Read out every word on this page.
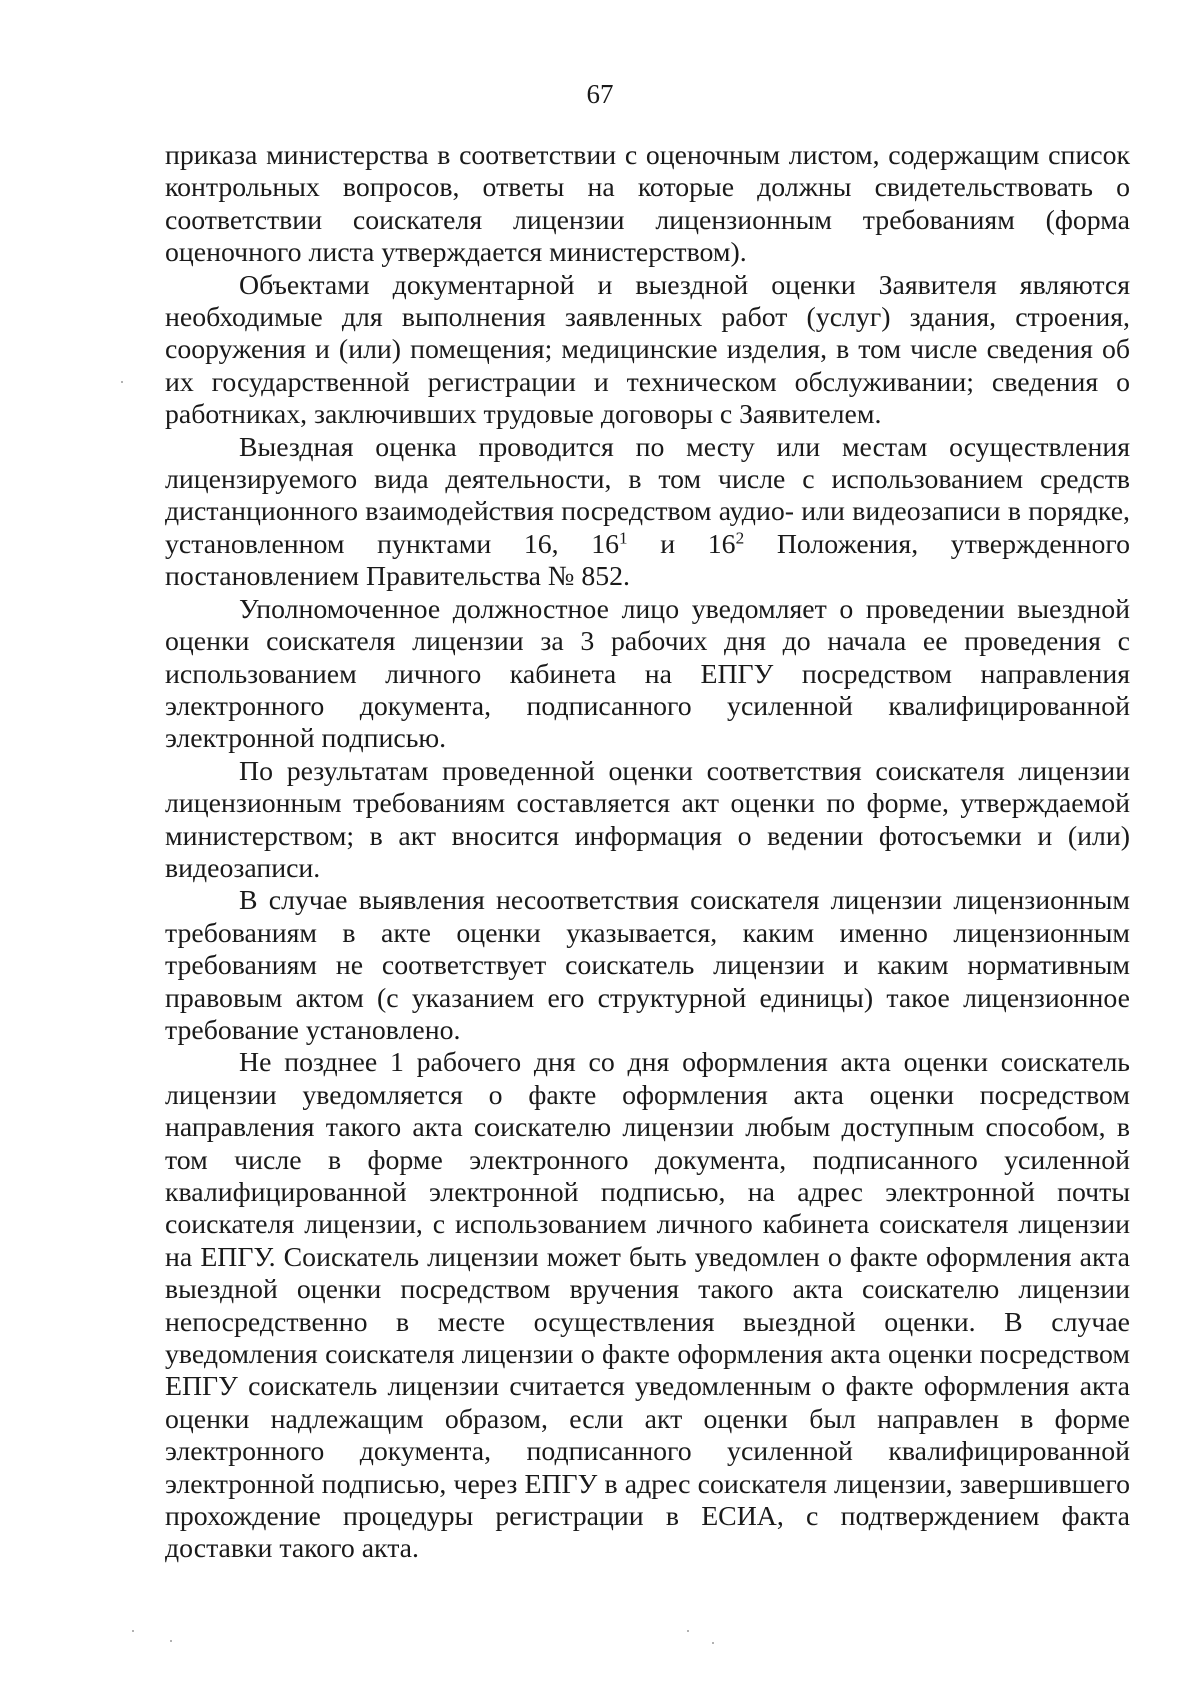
67

приказа министерства в соответствии с оценочным листом, содержащим список контрольных вопросов, ответы на которые должны свидетельствовать о соответствии соискателя лицензии лицензионным требованиям (форма оценочного листа утверждается министерством).

Объектами документарной и выездной оценки Заявителя являются необходимые для выполнения заявленных работ (услуг) здания, строения, сооружения и (или) помещения; медицинские изделия, в том числе сведения об их государственной регистрации и техническом обслуживании; сведения о работниках, заключивших трудовые договоры с Заявителем.

Выездная оценка проводится по месту или местам осуществления лицензируемого вида деятельности, в том числе с использованием средств дистанционного взаимодействия посредством аудио- или видеозаписи в порядке, установленном пунктами 16, $16^1$ и $16^2$ Положения, утвержденного постановлением Правительства № 852.

Уполномоченное должностное лицо уведомляет о проведении выездной оценки соискателя лицензии за 3 рабочих дня до начала ее проведения с использованием личного кабинета на ЕПГУ посредством направления электронного документа, подписанного усиленной квалифицированной электронной подписью.

По результатам проведенной оценки соответствия соискателя лицензии лицензионным требованиям составляется акт оценки по форме, утверждаемой министерством; в акт вносится информация о ведении фотосъемки и (или) видеозаписи.

В случае выявления несоответствия соискателя лицензии лицензионным требованиям в акте оценки указывается, каким именно лицензионным требованиям не соответствует соискатель лицензии и каким нормативным правовым актом (с указанием его структурной единицы) такое лицензионное требование установлено.

Не позднее 1 рабочего дня со дня оформления акта оценки соискатель лицензии уведомляется о факте оформления акта оценки посредством направления такого акта соискателю лицензии любым доступным способом, в том числе в форме электронного документа, подписанного усиленной квалифицированной электронной подписью, на адрес электронной почты соискателя лицензии, с использованием личного кабинета соискателя лицензии на ЕПГУ. Соискатель лицензии может быть уведомлен о факте оформления акта выездной оценки посредством вручения такого акта соискателю лицензии непосредственно в месте осуществления выездной оценки. В случае уведомления соискателя лицензии о факте оформления акта оценки посредством ЕПГУ соискатель лицензии считается уведомленным о факте оформления акта оценки надлежащим образом, если акт оценки был направлен в форме электронного документа, подписанного усиленной квалифицированной электронной подписью, через ЕПГУ в адрес соискателя лицензии, завершившего прохождение процедуры регистрации в ЕСИА, с подтверждением факта доставки такого акта.
